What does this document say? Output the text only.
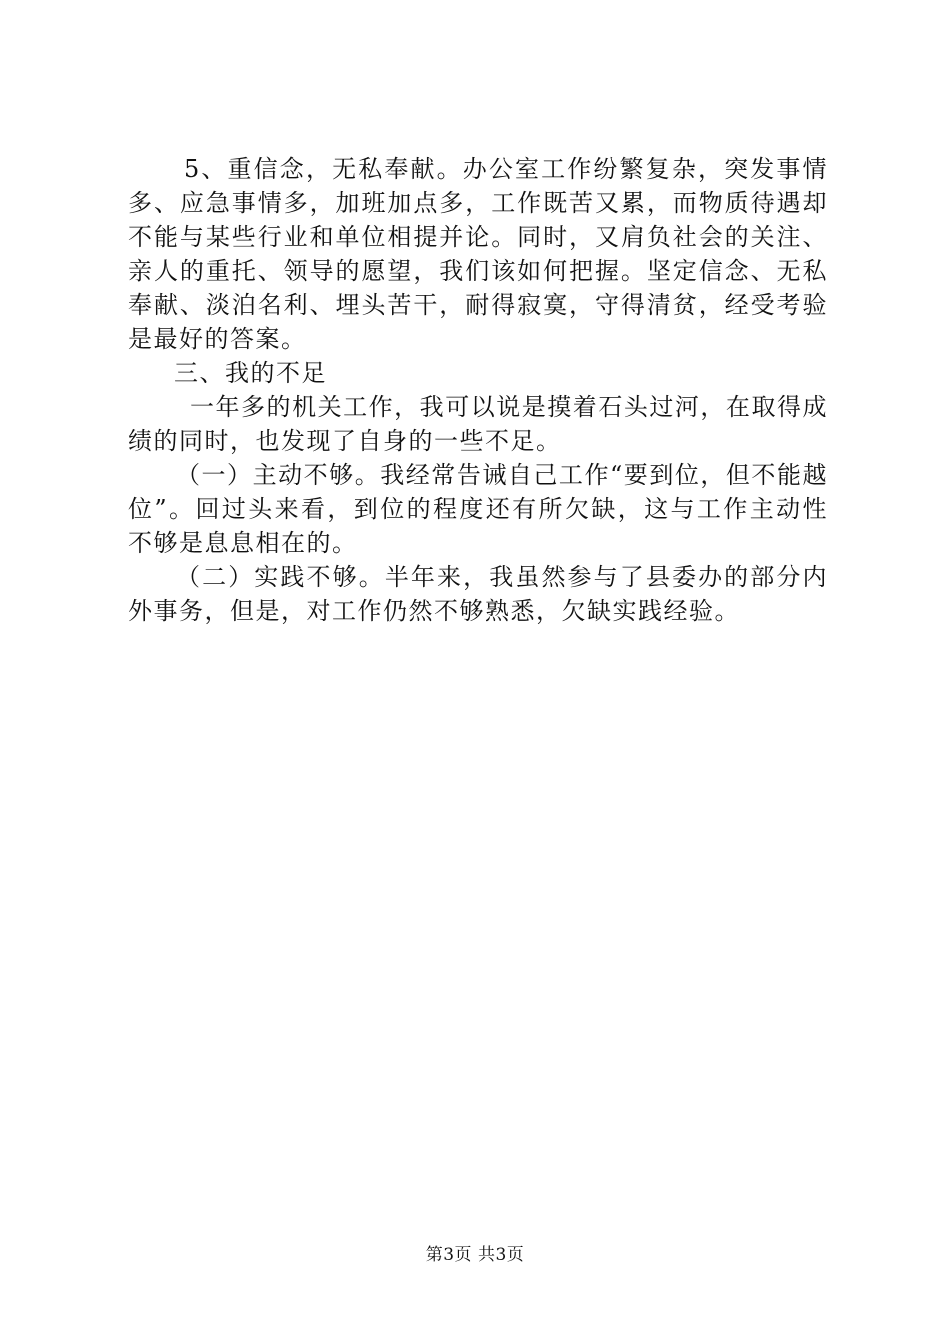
5、重信念，无私奉献。办公室工作纷繁复杂，突发事情多、应急事情多，加班加点多，工作既苦又累，而物质待遇却不能与某些行业和单位相提并论。同时，又肩负社会的关注、亲人的重托、领导的愿望，我们该如何把握。坚定信念、无私奉献、淡泊名利、埋头苦干，耐得寂寞，守得清贫，经受考验是最好的答案。

三、我的不足

一年多的机关工作，我可以说是摸着石头过河，在取得成绩的同时，也发现了自身的一些不足。

（一）主动不够。我经常告诫自己工作“要到位，但不能越位”。回过头来看，到位的程度还有所欠缺，这与工作主动性不够是息息相在的。

（二）实践不够。半年来，我虽然参与了县委办的部分内外事务，但是，对工作仍然不够熟悉，欠缺实践经验。

第3页 共3页
